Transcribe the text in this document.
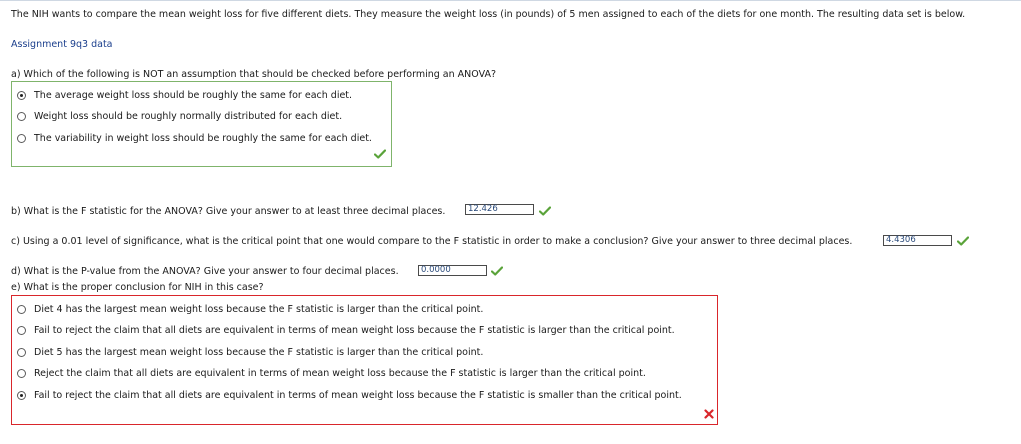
The NIH wants to compare the mean weight loss for five different diets. They measure the weight loss (in pounds) of 5 men assigned to each of the diets for one month. The resulting data set is below.
Assignment 9q3 data
a) Which of the following is NOT an assumption that should be checked before performing an ANOVA?
The average weight loss should be roughly the same for each diet.
Weight loss should be roughly normally distributed for each diet.
The variability in weight loss should be roughly the same for each diet.
b) What is the F statistic for the ANOVA? Give your answer to at least three decimal places.	12.426
c) Using a 0.01 level of significance, what is the critical point that one would compare to the F statistic in order to make a conclusion? Give your answer to three decimal places.	4.4306
d) What is the P-value from the ANOVA? Give your answer to four decimal places.	0.0000
e) What is the proper conclusion for NIH in this case?
Diet 4 has the largest mean weight loss because the F statistic is larger than the critical point.
Fail to reject the claim that all diets are equivalent in terms of mean weight loss because the F statistic is larger than the critical point.
Diet 5 has the largest mean weight loss because the F statistic is larger than the critical point.
Reject the claim that all diets are equivalent in terms of mean weight loss because the F statistic is larger than the critical point.
Fail to reject the claim that all diets are equivalent in terms of mean weight loss because the F statistic is smaller than the critical point.
